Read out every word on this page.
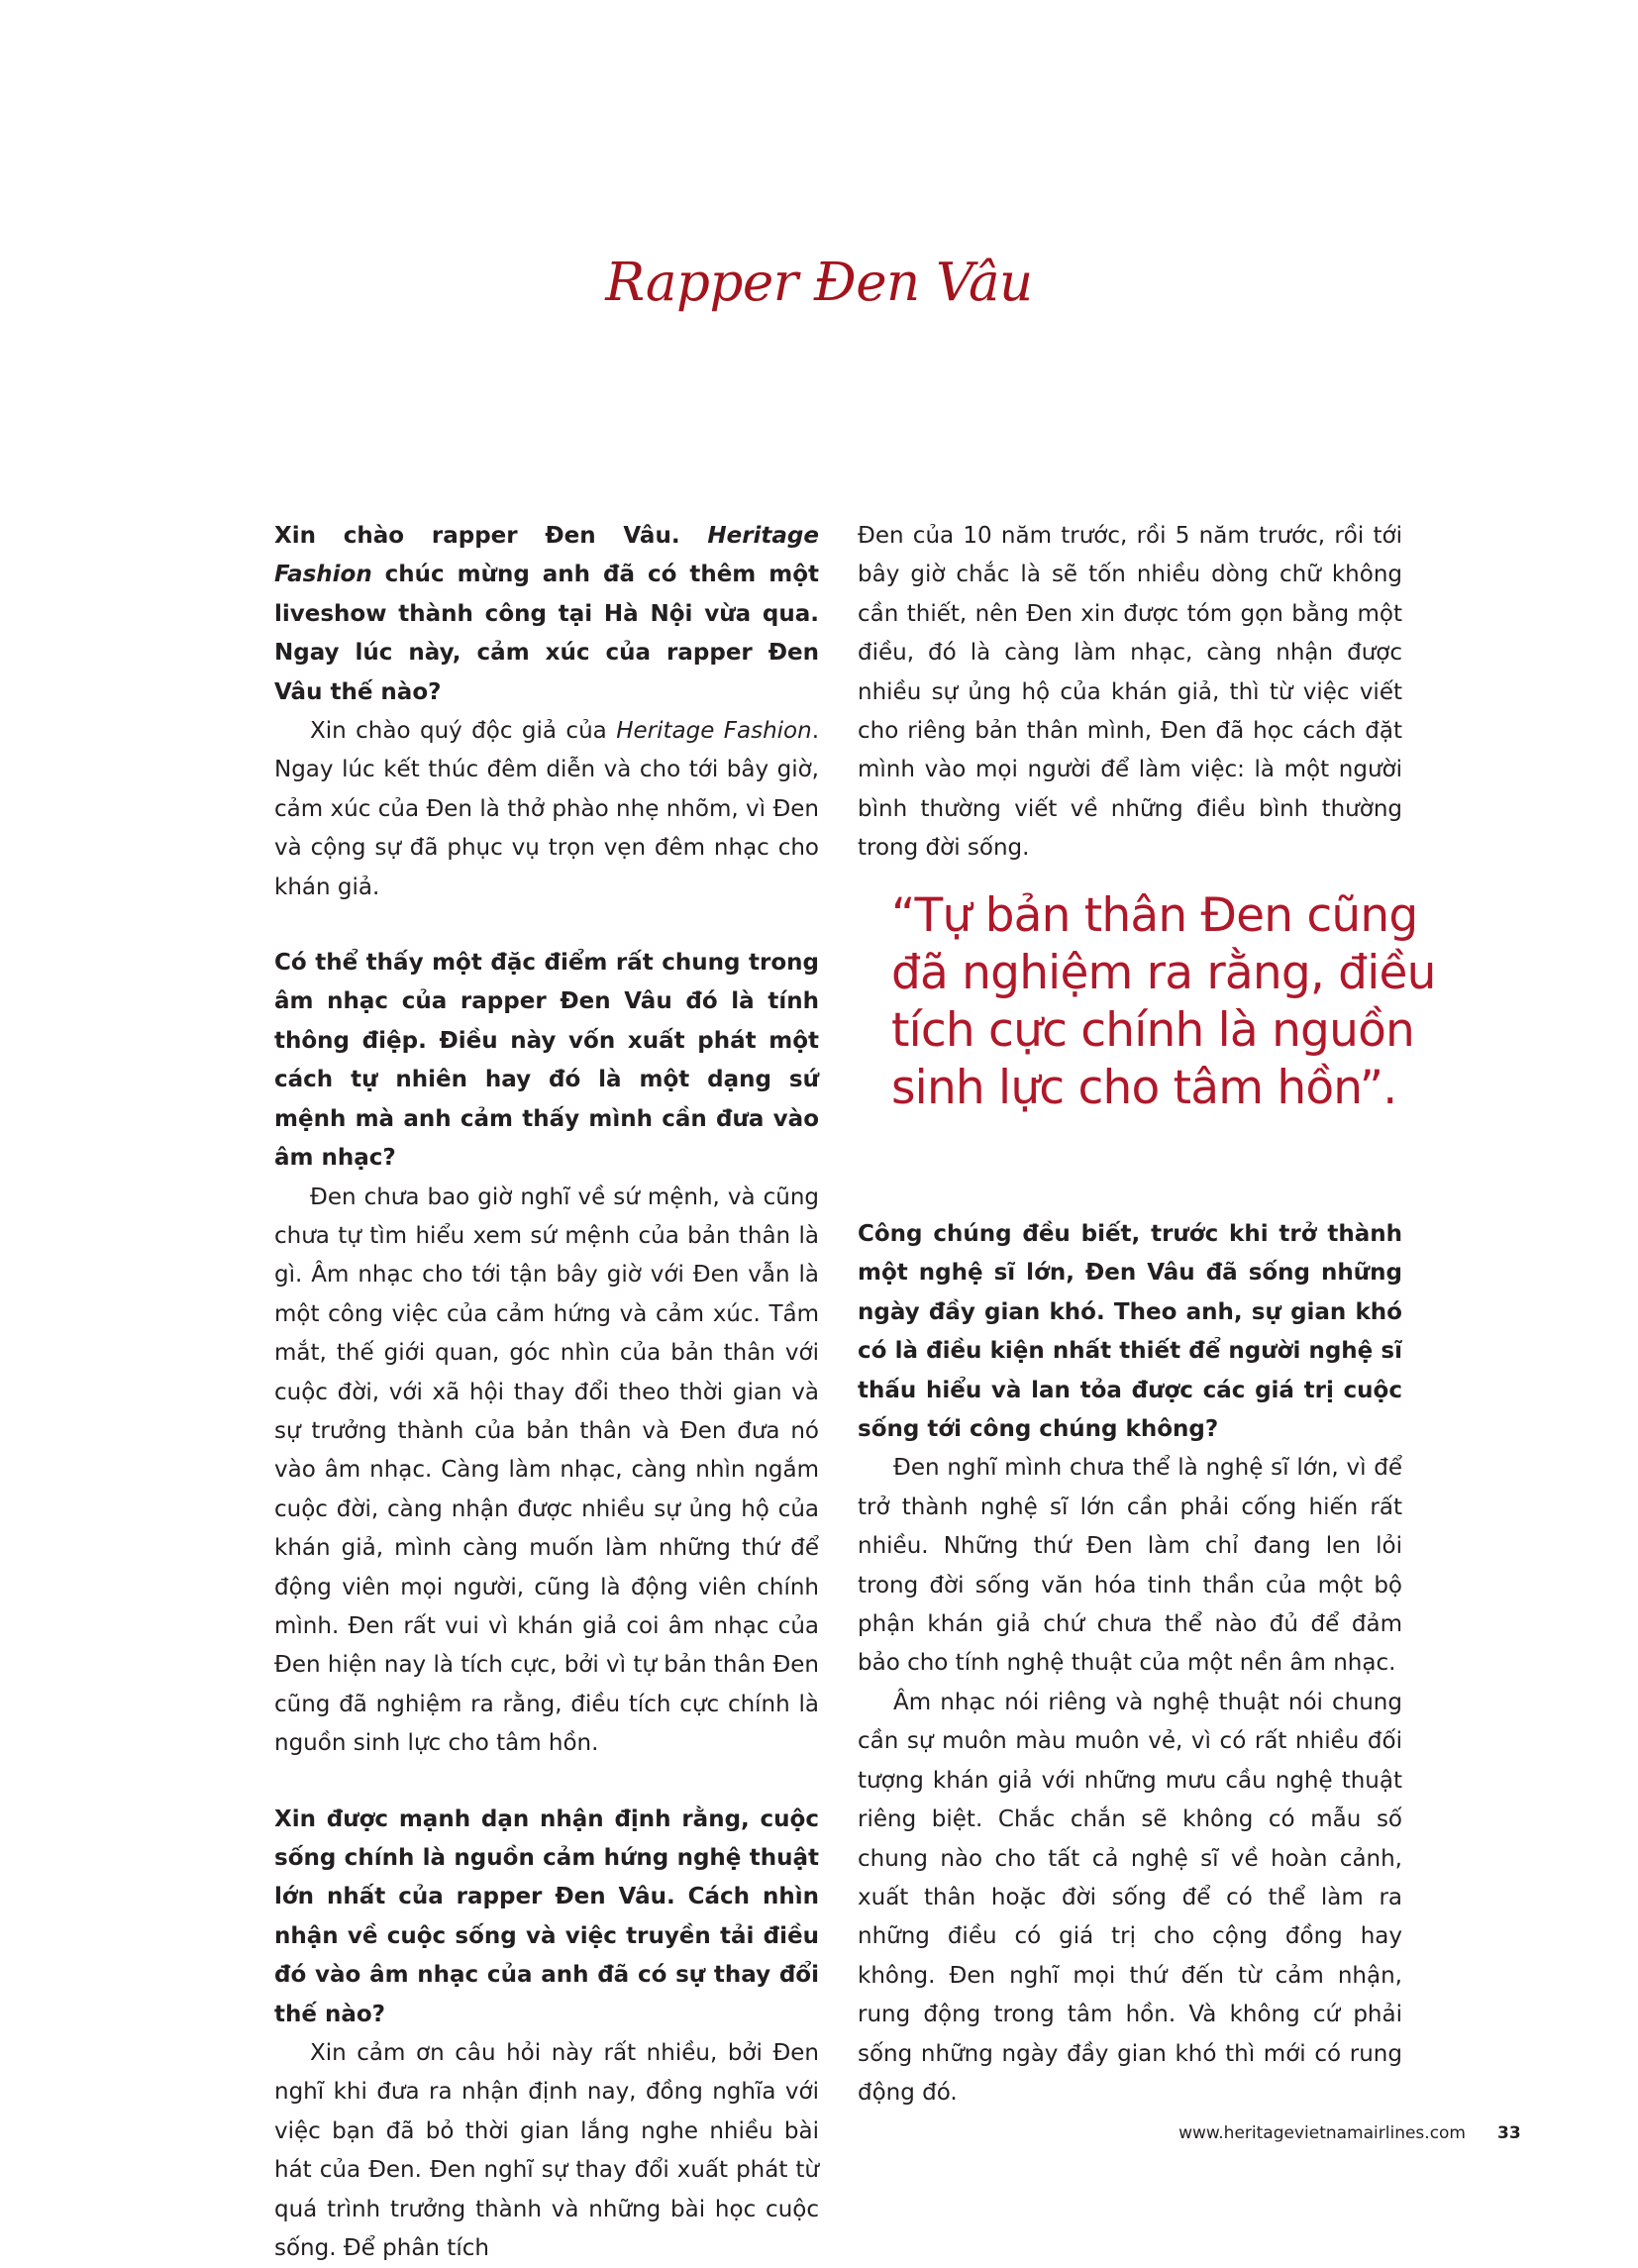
Rapper Đen Vâu

Xin chào rapper Đen Vâu. Heritage Fashion chúc mừng anh đã có thêm một liveshow thành công tại Hà Nội vừa qua. Ngay lúc này, cảm xúc của rapper Đen Vâu thế nào?

Xin chào quý độc giả của Heritage Fashion. Ngay lúc kết thúc đêm diễn và cho tới bây giờ, cảm xúc của Đen là thở phào nhẹ nhõm, vì Đen và cộng sự đã phục vụ trọn vẹn đêm nhạc cho khán giả.

Có thể thấy một đặc điểm rất chung trong âm nhạc của rapper Đen Vâu đó là tính thông điệp. Điều này vốn xuất phát một cách tự nhiên hay đó là một dạng sứ mệnh mà anh cảm thấy mình cần đưa vào âm nhạc?

Đen chưa bao giờ nghĩ về sứ mệnh, và cũng chưa tự tìm hiểu xem sứ mệnh của bản thân là gì. Âm nhạc cho tới tận bây giờ với Đen vẫn là một công việc của cảm hứng và cảm xúc. Tầm mắt, thế giới quan, góc nhìn của bản thân với cuộc đời, với xã hội thay đổi theo thời gian và sự trưởng thành của bản thân và Đen đưa nó vào âm nhạc. Càng làm nhạc, càng nhìn ngắm cuộc đời, càng nhận được nhiều sự ủng hộ của khán giả, mình càng muốn làm những thứ để động viên mọi người, cũng là động viên chính mình. Đen rất vui vì khán giả coi âm nhạc của Đen hiện nay là tích cực, bởi vì tự bản thân Đen cũng đã nghiệm ra rằng, điều tích cực chính là nguồn sinh lực cho tâm hồn.

Xin được mạnh dạn nhận định rằng, cuộc sống chính là nguồn cảm hứng nghệ thuật lớn nhất của rapper Đen Vâu. Cách nhìn nhận về cuộc sống và việc truyền tải điều đó vào âm nhạc của anh đã có sự thay đổi thế nào?

Xin cảm ơn câu hỏi này rất nhiều, bởi Đen nghĩ khi đưa ra nhận định nay, đồng nghĩa với việc bạn đã bỏ thời gian lắng nghe nhiều bài hát của Đen. Đen nghĩ sự thay đổi xuất phát từ quá trình trưởng thành và những bài học cuộc sống. Để phân tích

Đen của 10 năm trước, rồi 5 năm trước, rồi tới bây giờ chắc là sẽ tốn nhiều dòng chữ không cần thiết, nên Đen xin được tóm gọn bằng một điều, đó là càng làm nhạc, càng nhận được nhiều sự ủng hộ của khán giả, thì từ việc viết cho riêng bản thân mình, Đen đã học cách đặt mình vào mọi người để làm việc: là một người bình thường viết về những điều bình thường trong đời sống.

“Tự bản thân Đen cũng đã nghiệm ra rằng, điều tích cực chính là nguồn sinh lực cho tâm hồn”.

Công chúng đều biết, trước khi trở thành một nghệ sĩ lớn, Đen Vâu đã sống những ngày đầy gian khó. Theo anh, sự gian khó có là điều kiện nhất thiết để người nghệ sĩ thấu hiểu và lan tỏa được các giá trị cuộc sống tới công chúng không?

Đen nghĩ mình chưa thể là nghệ sĩ lớn, vì để trở thành nghệ sĩ lớn cần phải cống hiến rất nhiều. Những thứ Đen làm chỉ đang len lỏi trong đời sống văn hóa tinh thần của một bộ phận khán giả chứ chưa thể nào đủ để đảm bảo cho tính nghệ thuật của một nền âm nhạc.

Âm nhạc nói riêng và nghệ thuật nói chung cần sự muôn màu muôn vẻ, vì có rất nhiều đối tượng khán giả với những mưu cầu nghệ thuật riêng biệt. Chắc chắn sẽ không có mẫu số chung nào cho tất cả nghệ sĩ về hoàn cảnh, xuất thân hoặc đời sống để có thể làm ra những điều có giá trị cho cộng đồng hay không. Đen nghĩ mọi thứ đến từ cảm nhận, rung động trong tâm hồn. Và không cứ phải sống những ngày đầy gian khó thì mới có rung động đó.

www.heritagevietnamairlines.com 33
